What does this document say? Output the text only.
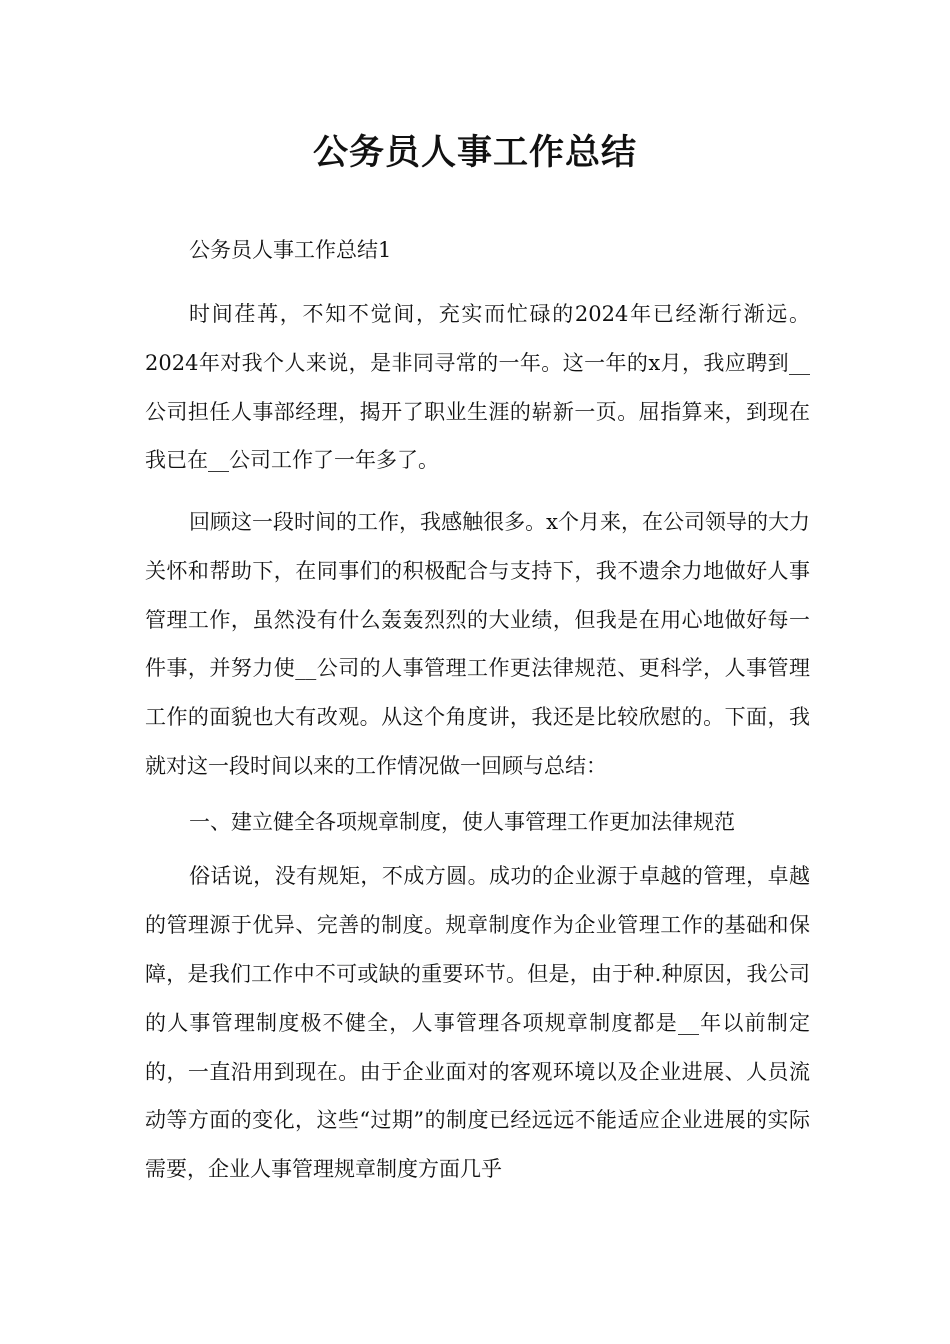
公务员人事工作总结

公务员人事工作总结1

时间荏苒，不知不觉间，充实而忙碌的2024年已经渐行渐远。2024年对我个人来说，是非同寻常的一年。这一年的x月，我应聘到__公司担任人事部经理，揭开了职业生涯的崭新一页。屈指算来，到现在我已在__公司工作了一年多了。

回顾这一段时间的工作，我感触很多。x个月来，在公司领导的大力关怀和帮助下，在同事们的积极配合与支持下，我不遗余力地做好人事管理工作，虽然没有什么轰轰烈烈的大业绩，但我是在用心地做好每一件事，并努力使__公司的人事管理工作更法律规范、更科学，人事管理工作的面貌也大有改观。从这个角度讲，我还是比较欣慰的。下面，我就对这一段时间以来的工作情况做一回顾与总结：

一、建立健全各项规章制度，使人事管理工作更加法律规范

俗话说，没有规矩，不成方圆。成功的企业源于卓越的管理，卓越的管理源于优异、完善的制度。规章制度作为企业管理工作的基础和保障，是我们工作中不可或缺的重要环节。但是，由于种.种原因，我公司的人事管理制度极不健全，人事管理各项规章制度都是__年以前制定的，一直沿用到现在。由于企业面对的客观环境以及企业进展、人员流动等方面的变化，这些“过期”的制度已经远远不能适应企业进展的实际需要，企业人事管理规章制度方面几乎
